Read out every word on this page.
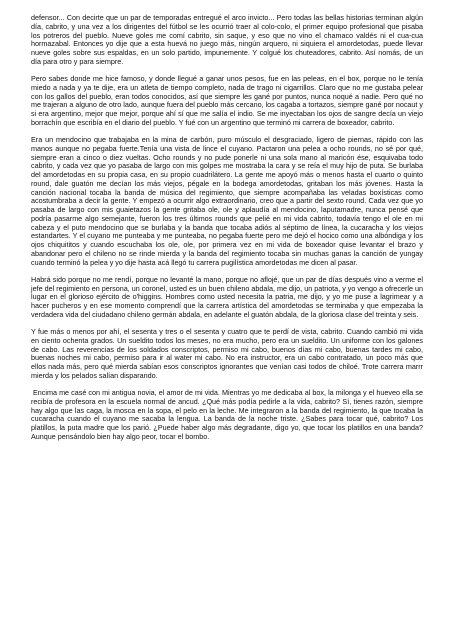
defensor... Con decirte que un par de temporadas entregué el arco invicto... Pero todas las bellas historias terminan algún día, cabrito, y una vez a los dirigentes del fútbol se les ocurrió traer al colo-colo, el primer equipo profesional que pisaba los potreros del pueblo. Nueve goles me comí cabrito, sin saque, y eso que no vino el chamaco valdés ni el cua-cua hormazabal. Entonces yo dije que a esta huevá no juego más, ningún arquero, ni siquiera el amordetodas, puede llevar nueve goles sobre sus espaldas, en un solo partido, impunemente. Y colgué los chuteadores, cabrito. Así nomás, de un día para otro y para siempre.

Pero sabes donde me hice famoso, y donde llegué a ganar unos pesos, fue en las peleas, en el box, porque no le tenía miedo a nada y ya te dije, era un atleta de tiempo completo, nada de trago ni cigarrillos. Claro que no me gustaba pelear con los gallos del pueblo, eran todos conocidos, así que siempre les gané por puntos, nunca noqué a nadie. Pero qué no me trajeran a alguno de otro lado, aunque fuera del pueblo más cercano, los cagaba a tortazos, siempre gané por nocaut y si era argentino, mejor que mejor, porque ahí sí que me salía el indio. Se me inyectaban los ojos de sangre decía un viejo borrachín que escribía en el diario del pueblo. Y fué con un argentino que terminó mi carrera de boxeador, cabrito.

Era un mendocino que trabajaba en la mina de carbón, puro músculo el desgraciado, ligero de piernas, rápido con las manos aunque no pegaba fuerte.Tenía una vista de lince el cuyano. Pactaron una pelea a ocho rounds, no sé por qué, siempre eran a cinco o diez vueltas. Ocho rounds y no pude ponerle ni una sola mano al maricón ése, esquivaba todo cabrito, y cada vez que yo pasaba de largo con mis golpes me mostraba la cara y se reía el muy hijo de puta. Se burlaba del amordetodas en su propia casa, en su propio cuadrilátero. La gente me apoyó más o menos hasta el cuarto o quinto round, dale guatón me decían los más viejos, pégale en la bodega amordetodas, gritaban los más jóvenes. Hasta la canción nacional tocaba la banda de música del regimiento, que siempre acompañaba las veladas boxísticas como acostumbraba a decir la gente. Y empezó a ocurrir algo extraordinario, creo que a partir del sexto round. Cada vez que yo pasaba de largo con mis guaietazos la gente gritaba ole, ole y aplaudía al mendocino, laputamadre, nunca pensé que podría pasarme algo semejante, fueron los tres últimos rounds que pelié en mi vida cabrito, todavía tengo el ole en mi cabeza y el puto mendocino que se burlaba y la banda que tocaba adiós al séptimo de línea, la cucaracha y los viejos estandartes. Y el cuyano me punteaba y me punteaba, no pegaba fuerte pero me dejó el hocico como una albóndiga y los ojos chiquititos y cuando escuchaba los ole, ole, por primera vez en mi vida de boxeador quise levantar el brazo y abandonar pero el chileno no se rinde mierda y la banda del regimiento tocaba sin muchas ganas la canción de yungay cuando terminó la pelea y yo dije hasta acá llegó tu carrera pugilística amordetodas me dicen al pasar.

Habrá sido porque no me rendí, porque no levanté la mano, porque no aflojé, que un par de días después vino a verme el jefe del regimiento en persona, un coronel, usted es un buen chileno abdala, me dijo, un patriota, y yo vengo a ofrecerle un lugar en el glorioso ejército de o'higgins. Hombres como usted necesita la patria, me dijo, y yo me puse a lagrimear y a hacer pucheros y en ese momento comprendí que la carrera artística del amordetodas se terminaba y que empezaba la verdadera vida del ciudadano chileno germán abdala, en adelante el guatón abdala, de la gloriosa clase del treinta y seis.

Y fue más o menos por ahí, el sesenta y tres o el sesenta y cuatro que te perdí de vista, cabrito. Cuando cambió mi vida en ciento ochenta grados. Un sueldito todos los meses, no era mucho, pero era un sueldito. Un uniforme con los galones de cabo. Las reverencias de los soldados conscriptos, permiso mi cabo, buenos días mi cabo, buenas tardes mi cabo, buenas noches mi cabo, permiso para ir al water mi cabo. No era instructor, era un cabo contratado, un poco más que ellos nada más, pero qué mierda sabían esos conscriptos ignorantes que venían casi todos de chiloé. Trote carrera marrr mierda y los pelados salían disparando.

Encima me casé con mi antigua novia, el amor de mi vida. Mientras yo me dedicaba al box, la milonga y el hueveo ella se recibía de profesora en la escuela normal de ancud. ¿Qué más podía pedirle a la vida, cabrito? Sí, tienes razón, siempre hay algo que las caga, la mosca en la sopa, el pelo en la leche. Me integraron a la banda del regimiento, la que tocaba la cucaracha cuando el cuyano me sacaba la lengua. La banda de la noche triste. ¿Sabes para tocar qué, cabrito? Los platillos, la puta madre que los parió. ¿Puede haber algo más degradante, digo yo, que tocar los platillos en una banda? Aunque pensándolo bien hay algo peor, tocar el bombo.
